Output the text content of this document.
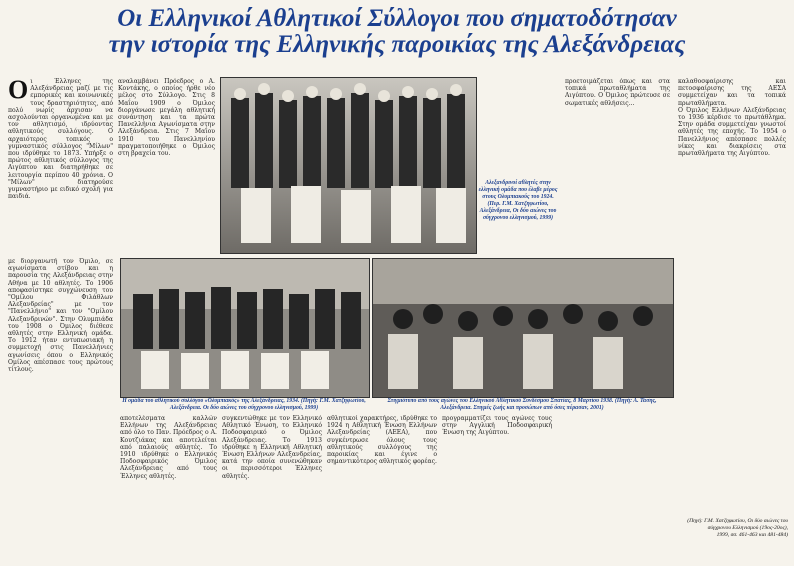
Οι Ελληνικοί Αθλητικοί Σύλλογοι που σηματοδότησαν
την ιστορία της Ελληνικής παροικίας της Αλεξάνδρειας
Ο ι Έλληνες της Αλεξάνδρειας μαζί με τις εμπορικές και κοινωνικές τους δραστηριότητες, από πολύ νωρίς άρχισαν να ασχολούνται οργανωμένα και με τον αθλητισμό, ιδρύοντας αθλητικούς συλλόγους. Ο αρχαιότερος τοπικός ο γυμναστικός σύλλογος "Μίλων" που ιδρύθηκε το 1873. Υπήρξε ο πρώτος αθλητικός σύλλογος της Αιγύπτου και διατηρήθηκε σε λειτουργία περίπου 40 χρόνια. Ο "Μίλων" διατηρούσε γυμναστήριο με ειδικό σχολή για παιδιά.

αναλαμβάνει Πρόεδρος ο Α. Κοντάκης, ο οποίος ήρθε νέο μέλος στο Σύλλογο. Στις 8 Μαΐου 1909 ο Όμιλος διοργάνωσε μεγάλη αθλητική συνάντηση και τα πρώτα Πανελλήνια Αγωνίσματα στην Αλεξάνδρεια. Στις 7 Μαΐου 1910 του Πανελληνίου πραγματοποιήθηκε ο Όμιλος στη βραχεία του.

Αλεξανδρινοί αθλητές στην ελληνική ομάδα που έλαβε μέρος στους Ολυμπιακούς του 1924. (Περ. Γ.Μ. Χατζηφωτίου, Αλεξάνδρεια, Οι δύο αιώνες του σύγχρονου ελληνισμού, 1999)

προετοιμάζεται όπως και στα τοπικά πρωταθλήματα της Αιγύπτου. Ο Όμιλος πρώτευσε σε σωματικές αθλήσεις...

καλαθοσφαίρισης και πετοσφαίρισης της ΑΕΣΑ συμμετείχαν και τα τοπικά πρωταθλήματα.

Ο Όμιλος Ελλήνων Αλεξάνδρειας το 1936 κέρδισε το πρωτάθλημα. Στην ομάδα συμμετείχαν γνωστοί αθλητές της εποχής. Το 1954 ο Πανελλήνιος απέσπασε πολλές νίκες και διακρίσεις στα πρωταθλήματα της Αιγύπτου.

Η ομάδα του αθλητικού συλλόγου «Ολυμπιακός» της Αλεξάνδρειας, 1934. (Πηγή: Γ.Μ. Χατζηφωτίου, Αλεξάνδρεια. Οι δύο αιώνες του σύγχρονου ελληνισμού, 1999)
Στιγμιότυπο από τους αγώνες του Ελληνικού Αθλητικού Συνδέσμου Σπατίας, 8 Μαρτίου 1938. (Πηγή: Α. Τάσης, Αλεξάνδρεια. Στιγμές ζωής και προσώπων από όσες πέρασαν, 2001)

με διοργανωτή τον Όμιλο, σε αγωνίσματα στίβου και η παρουσία της Αλεξάνδρειας στην Αθήνα με 10 αθλητές. Το 1906 αποφασίστηκε συγχώνευση του "Ομίλου Φιλάθλων Αλεξανδρείας" με τον "Πανελλήνιο" και τον "Ομίλου Αλεξανδρινών". Στην Ολυμπιάδα του 1908 ο Όμιλος διέθεσε αθλητές στην Ελληνική ομάδα. Το 1912 ήταν εντυπωσιακή η συμμετοχή στις Πανελλήνιες αγωνίσεις όπου ο Ελληνικός Ομίλος απέσπασε τους πρώτους τίτλους.

αποτελέσματα καλλών Ελλήνων της Αλεξάνδρειας από όλο το Παν. Πρόεδρος ο Α. Κουτζιάκας και αποτελείται από παλαιούς αθλητές. Το 1910 ιδρύθηκε ο Ελληνικός Ποδοσφαιρικός Όμιλος Αλεξάνδρειας από τους Έλληνες αθλητές.

συγκεντώθηκε με τον Ελληνικό Αθλητικό Ένωση, το Ελληνικό Ποδοσφαιρικό ο Όμιλος Αλεξάνδρειας. Το 1913 ιδρύθηκε η Ελληνική Αθλητική Ένωση Ελλήνων Αλεξανδρείας, κατά την οποία συνενώθηκαν οι περισσότεροι Έλληνες αθλητές.

αθλητικοί χαρακτήρες, ιδρύθηκε το 1924 η Αθλητική Ένωση Ελλήνων Αλεξανδρείας (ΑΕΕΑ), που συγκέντρωσε όλους τους αθλητικούς συλλόγους της παροικίας και έγινε ο σημαντικότερος αθλητικός φορέας.

προγραμματίζει τους αγώνες τους στην Αγγλική Ποδοσφαιρική Ένωση της Αιγύπτου.

(Πηγή: Γ.Μ. Χατζηφωτίου, Οι δύο αιώνες του
σύγχρονου Ελληνισμού (19ος-20ος),
1999, σσ. 461-463 και 481-484)
